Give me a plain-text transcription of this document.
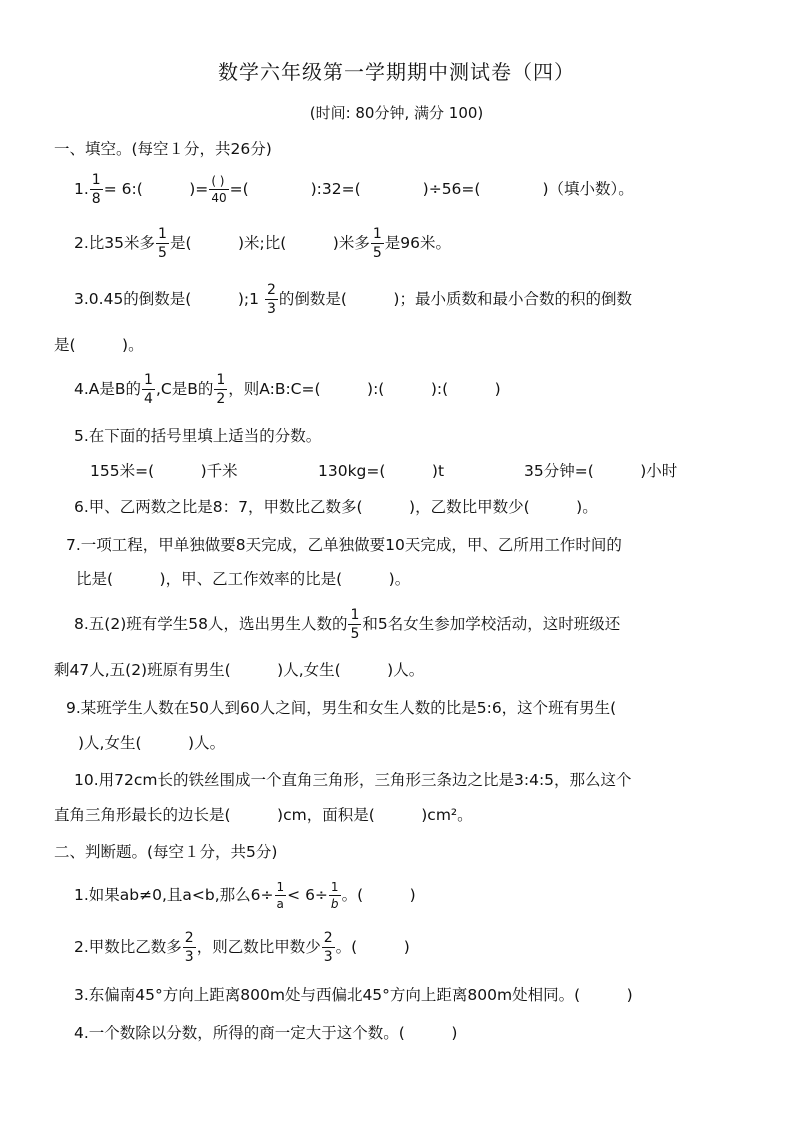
数学六年级第一学期期中测试卷（四）
(时间: 80分钟, 满分 100)
一、填空。(每空１分，共26分)
1. $\frac{1}{8}$ = 6:(　　　)= $\frac{( )}{40}$ =(　　　　):32=(　　　　)÷56=(　　　　)（填小数）。
2.比35米多 $\frac{1}{5}$ 是(　　　)米;比(　　　)米多 $\frac{1}{5}$ 是96米。
3.0.45的倒数是(　　　); $1 \frac{2}{3}$ 的倒数是(　　　)；最小质数和最小合数的积的倒数
是(　　　)。
4.A是B的 $\frac{1}{4} ,C$是B的 $\frac{1}{2}$ ，则A:B:C=(　　　):(　　　):(　　　)
5.在下面的括号里填上适当的分数。
155米=(　　　)千米	130kg=(　　　)t	35分钟=(　　　)小时
6.甲、乙两数之比是8：7，甲数比乙数多(　　　)，乙数比甲数少(　　　)。
7.一项工程，甲单独做要8天完成，乙单独做要10天完成，甲、乙所用工作时间的
比是(　　　)，甲、乙工作效率的比是(　　　)。
8.五(2)班有学生58人，选出男生人数的 $\frac{1}{5}$ 和5名女生参加学校活动，这时班级还
剩47人,五(2)班原有男生(　　　)人,女生(　　　)人。
9.某班学生人数在50人到60人之间，男生和女生人数的比是5:6，这个班有男生(
)人,女生(　　　)人。
10.用72cm长的铁丝围成一个直角三角形，三角形三条边之比是3:4:5，那么这个
直角三角形最长的边长是(　　　)cm，面积是(　　　)cm²。
二、判断题。(每空１分，共5分)
1.如果ab≠0,且a<b,那么$6\div \frac{1}{a} < 6\div \frac{1}{b}$ 。(　　　)
2.甲数比乙数多 $\frac{2}{3}$ ，则乙数比甲数少 $\frac{2}{3}$ 。(　　　)
3.东偏南45°方向上距离800m处与西偏北45°方向上距离800m处相同。(　　　)
4.一个数除以分数，所得的商一定大于这个数。(　　　)
